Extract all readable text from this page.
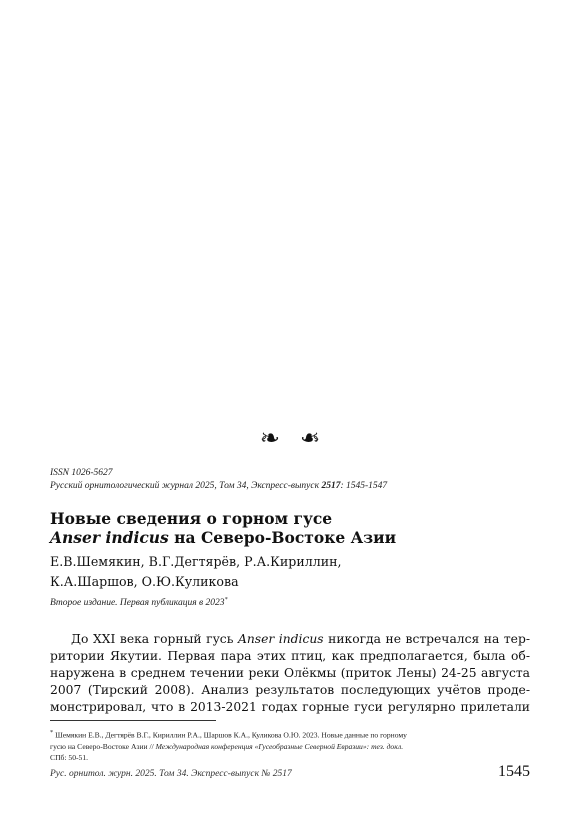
❧❧
ISSN 1026-5627
Русский орнитологический журнал 2025, Том 34, Экспресс-выпуск 2517: 1545-1547
Новые сведения о горном гусе
Anser indicus на Северо-Востоке Азии
Е.В.Шемякин, В.Г.Дегтярёв, Р.А.Кириллин,
К.А.Шаршов, О.Ю.Куликова
Второе издание. Первая публикация в 2023*
До XXI века горный гусь Anser indicus никогда не встречался на тер-
ритории Якутии. Первая пара этих птиц, как предполагается, была об-
наружена в среднем течении реки Олёкмы (приток Лены) 24-25 августа
2007 (Тирский 2008). Анализ результатов последующих учётов продe-
монстрировал, что в 2013-2021 годах горные гуси регулярно прилетали
* Шемякин Е.В., Дегтярёв В.Г., Кириллин Р.А., Шаршов К.А., Куликова О.Ю. 2023. Новые данные по горному
гусю на Северо-Востоке Азии // Международная конференция «Гусеобразные Северной Евразии»: тез. докл.
СПб: 50-51.
Рус. орнитол. журн. 2025. Том 34. Экспресс-выпуск № 2517	1545
